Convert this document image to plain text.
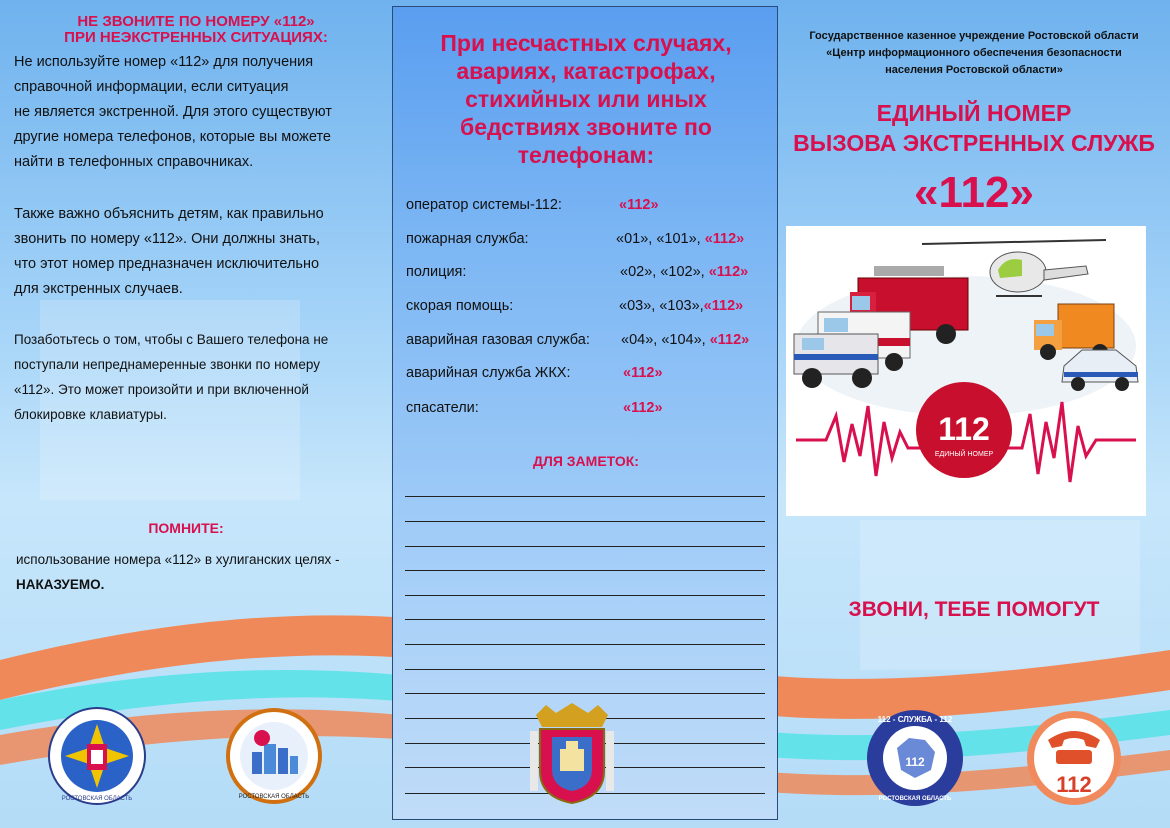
НЕ ЗВОНИТЕ ПО НОМЕРУ «112»
ПРИ НЕЭКСТРЕННЫХ СИТУАЦИЯХ:
Не используйте номер «112» для получения
справочной информации, если ситуация
не является экстренной. Для этого существуют
другие номера телефонов, которые вы можете
найти в телефонных справочниках.
Также важно объяснить детям, как правильно
звонить по номеру «112». Они должны знать,
что этот номер предназначен исключительно
для экстренных случаев.
Позаботьтесь о том, чтобы с Вашего телефона не
поступали непреднамеренные звонки по номеру
«112». Это может произойти и при включенной
блокировке клавиатуры.
ПОМНИТЕ:
использование номера «112» в хулиганских целях -
НАКАЗУЕМО.
РОСТОВСКАЯ ОБЛАСТЬ	РОСТОВСКАЯ ОБЛАСТЬ
При несчастных случаях,
авариях, катастрофах,
стихийных или иных
бедствиях звоните по
телефонам:
оператор системы-112:	«112»
пожарная служба:	«01», «101», «112»
полиция:	«02», «102», «112»
скорая помощь:	«03», «103»,«112»
аварийная газовая служба: «04», «104», «112»
аварийная служба ЖКХ:	«112»
спасатели:	«112»
ДЛЯ ЗАМЕТОК:
Государственное казенное учреждение Ростовской области
«Центр информационного обеспечения безопасности
населения Ростовской области»
ЕДИНЫЙ НОМЕР
ВЫЗОВА ЭКСТРЕННЫХ СЛУЖБ
«112»
112
ЕДИНЫЙ НОМЕР
ЗВОНИ, ТЕБЕ ПОМОГУТ
112
112 - СЛУЖБА - 112
РОСТОВСКАЯ ОБЛАСТЬ
112
